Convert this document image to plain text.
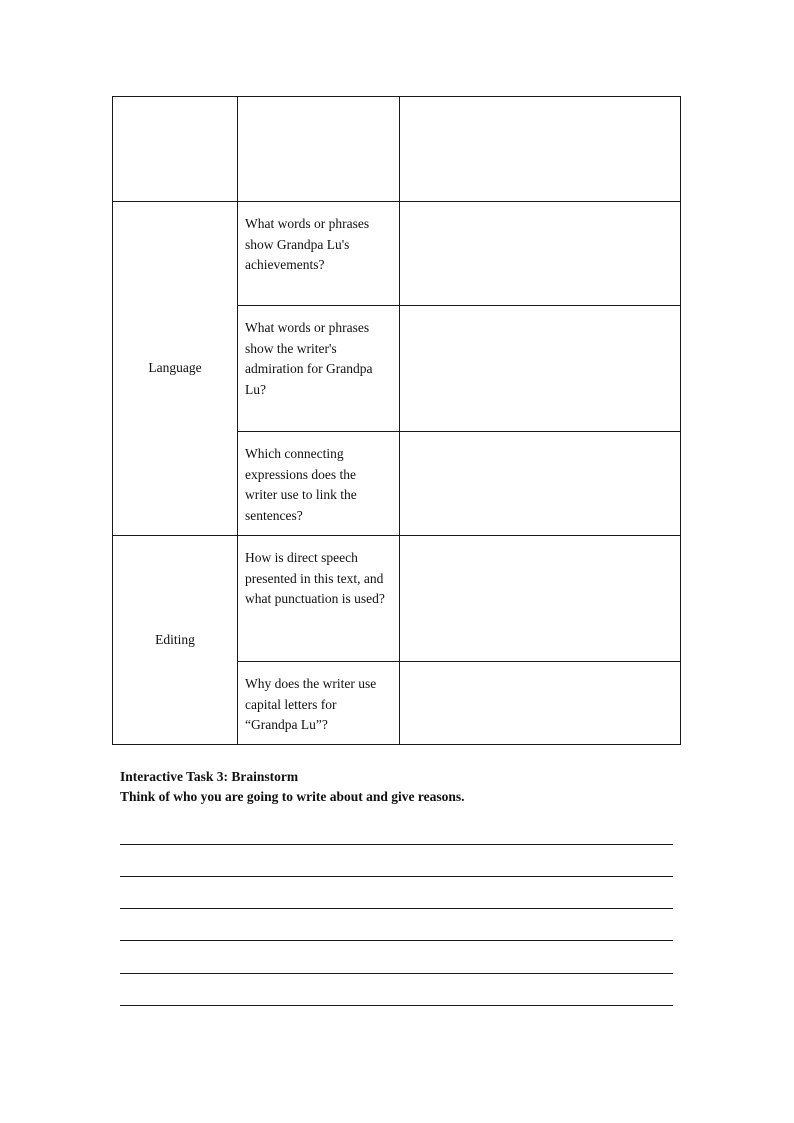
Language	What words or phrases show Grandpa Lu's achievements?	
	What words or phrases show the writer's admiration for Grandpa Lu?	
	Which connecting expressions does the writer use to link the sentences?	
Editing	How is direct speech presented in this text, and what punctuation is used?	
	Why does the writer use capital letters for “Grandpa Lu”?	

Interactive Task 3: Brainstorm

Think of who you are going to write about and give reasons.
